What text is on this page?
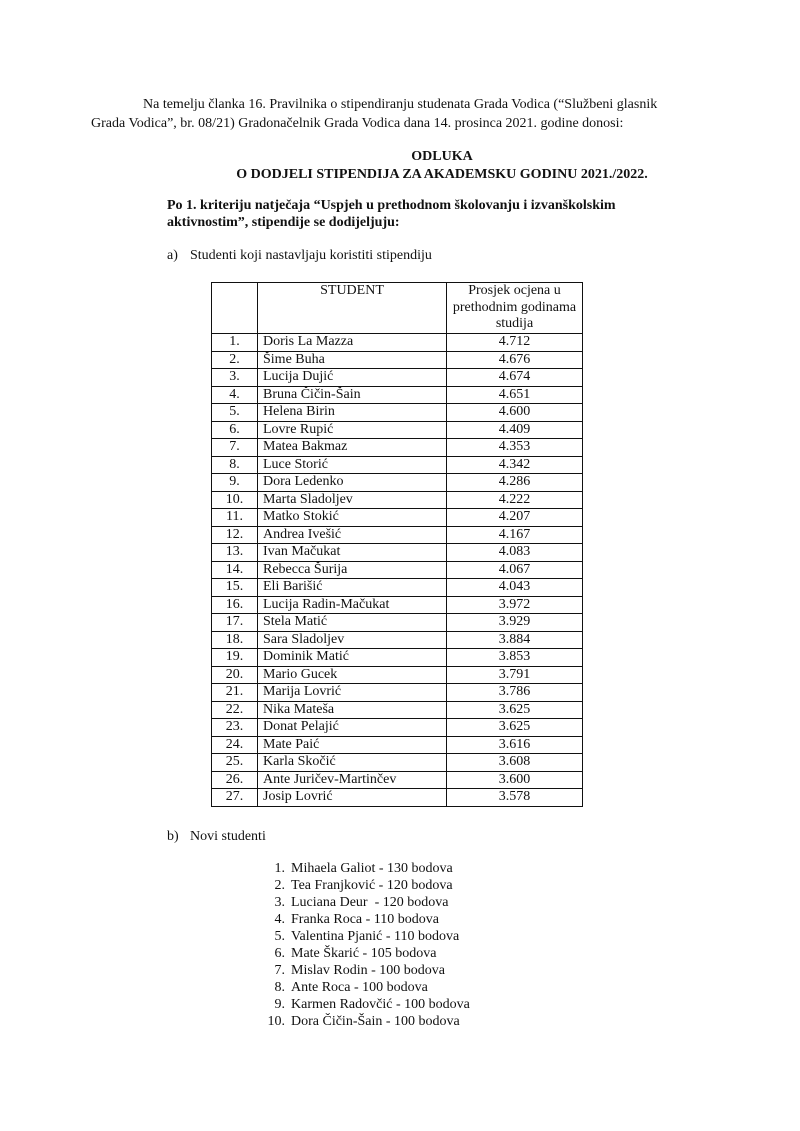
Na temelju članka 16. Pravilnika o stipendiranju studenata Grada Vodica (“Službeni glasnik
Grada Vodica”, br. 08/21) Gradonačelnik Grada Vodica dana 14. prosinca 2021. godine donosi:

ODLUKA

O DODJELI STIPENDIJA ZA AKADEMSKU GODINU 2021./2022.

Po 1. kriteriju natječaja “Uspjeh u prethodnom školovanju i izvanškolskim
aktivnostim”, stipendije se dodijeljuju:

a) Studenti koji nastavljaju koristiti stipendiju

	STUDENT	Prosjek ocjena u prethodnim godinama studija
1.	Doris La Mazza	4.712
2.	Šime Buha	4.676
3.	Lucija Dujić	4.674
4.	Bruna Čičin-Šain	4.651
5.	Helena Birin	4.600
6.	Lovre Rupić	4.409
7.	Matea Bakmaz	4.353
8.	Luce Storić	4.342
9.	Dora Ledenko	4.286
10.	Marta Sladoljev	4.222
11.	Matko Stokić	4.207
12.	Andrea Ivešić	4.167
13.	Ivan Mačukat	4.083
14.	Rebecca Šurija	4.067
15.	Eli Barišić	4.043
16.	Lucija Radin-Mačukat	3.972
17.	Stela Matić	3.929
18.	Sara Sladoljev	3.884
19.	Dominik Matić	3.853
20.	Mario Gucek	3.791
21.	Marija Lovrić	3.786
22.	Nika Mateša	3.625
23.	Donat Pelajić	3.625
24.	Mate Paić	3.616
25.	Karla Skočić	3.608
26.	Ante Juričev-Martinčev	3.600
27.	Josip Lovrić	3.578

b) Novi studenti

1. Mihaela Galiot - 130 bodova
2. Tea Franjković - 120 bodova
3. Luciana Deur  - 120 bodova
4. Franka Roca - 110 bodova
5. Valentina Pjanić - 110 bodova
6. Mate Škarić - 105 bodova
7. Mislav Rodin - 100 bodova
8. Ante Roca - 100 bodova
9. Karmen Radovčić - 100 bodova
10. Dora Čičin-Šain - 100 bodova
